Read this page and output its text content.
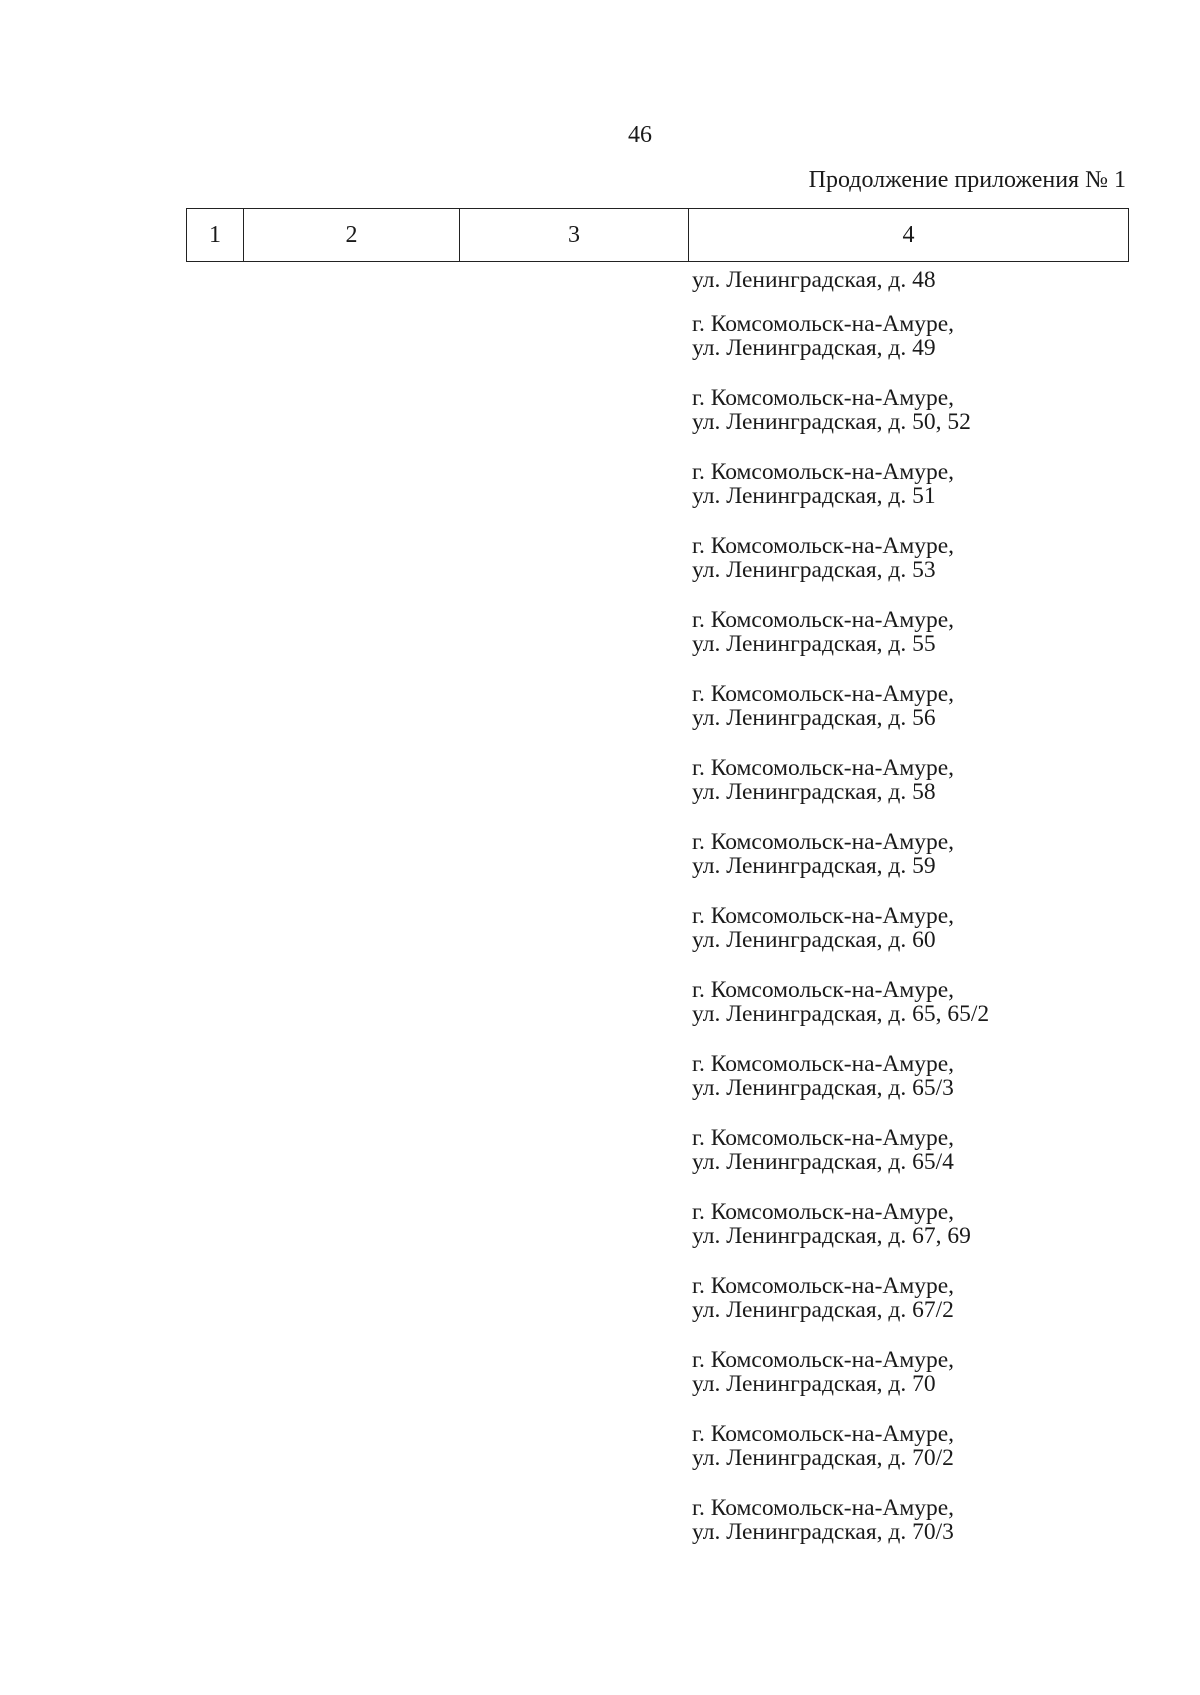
46
Продолжение приложения № 1
1	2	3	4
ул. Ленинградская, д. 48
г. Комсомольск-на-Амуре,
ул. Ленинградская, д. 49
г. Комсомольск-на-Амуре,
ул. Ленинградская, д. 50, 52
г. Комсомольск-на-Амуре,
ул. Ленинградская, д. 51
г. Комсомольск-на-Амуре,
ул. Ленинградская, д. 53
г. Комсомольск-на-Амуре,
ул. Ленинградская, д. 55
г. Комсомольск-на-Амуре,
ул. Ленинградская, д. 56
г. Комсомольск-на-Амуре,
ул. Ленинградская, д. 58
г. Комсомольск-на-Амуре,
ул. Ленинградская, д. 59
г. Комсомольск-на-Амуре,
ул. Ленинградская, д. 60
г. Комсомольск-на-Амуре,
ул. Ленинградская, д. 65, 65/2
г. Комсомольск-на-Амуре,
ул. Ленинградская, д. 65/3
г. Комсомольск-на-Амуре,
ул. Ленинградская, д. 65/4
г. Комсомольск-на-Амуре,
ул. Ленинградская, д. 67, 69
г. Комсомольск-на-Амуре,
ул. Ленинградская, д. 67/2
г. Комсомольск-на-Амуре,
ул. Ленинградская, д. 70
г. Комсомольск-на-Амуре,
ул. Ленинградская, д. 70/2
г. Комсомольск-на-Амуре,
ул. Ленинградская, д. 70/3
